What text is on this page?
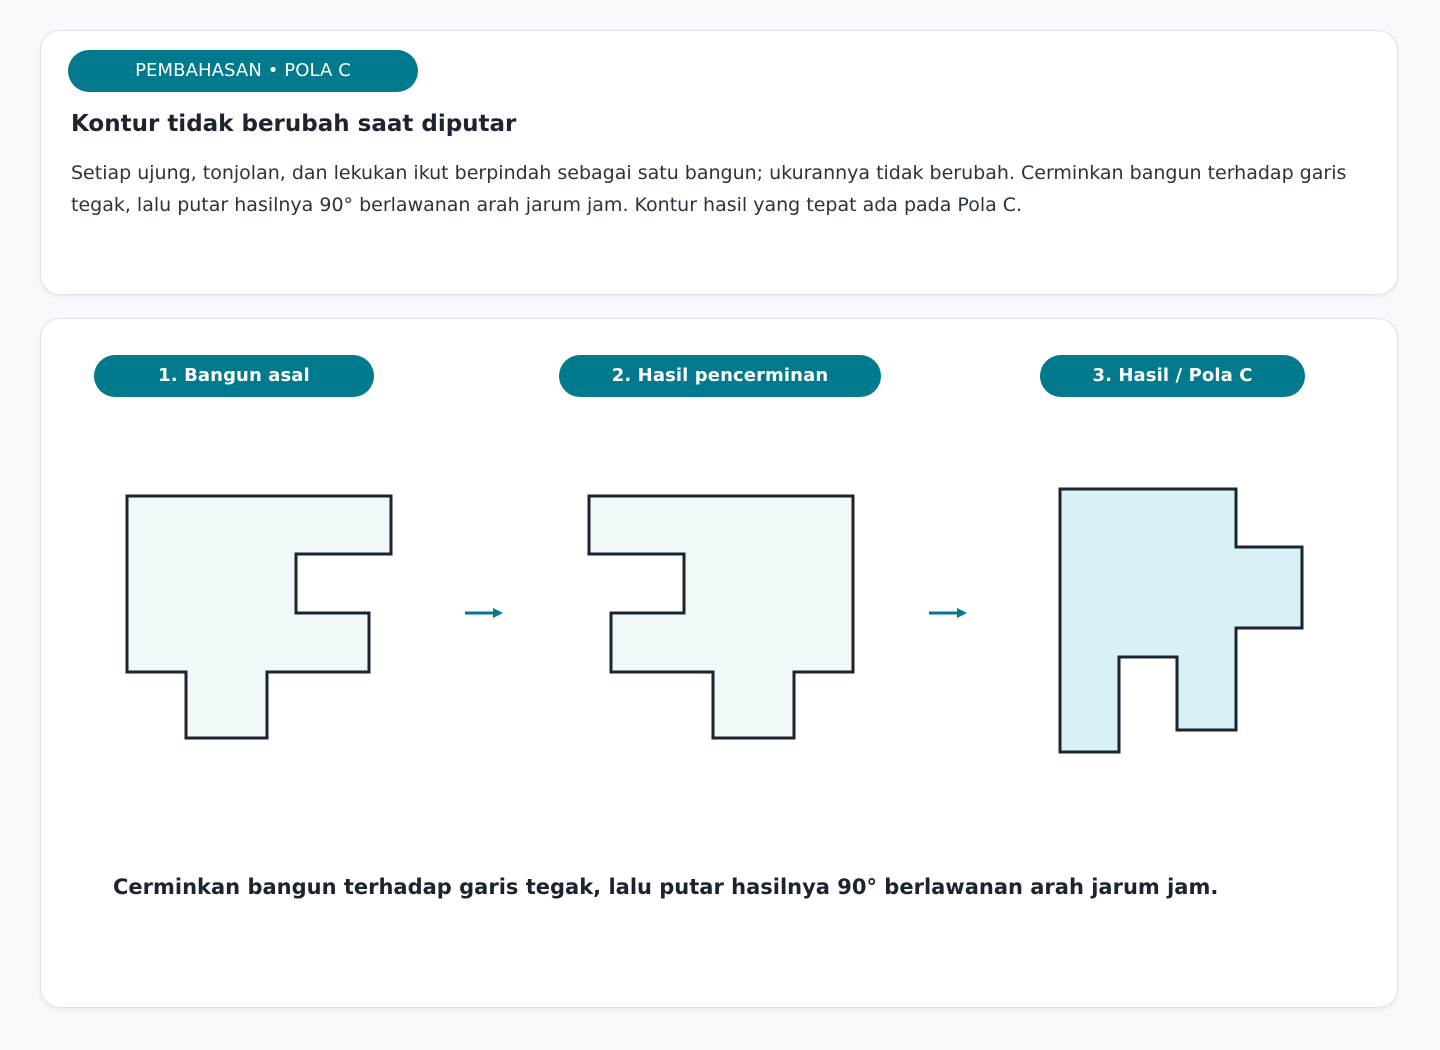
PEMBAHASAN • POLA C
Kontur tidak berubah saat diputar

Setiap ujung, tonjolan, dan lekukan ikut berpindah sebagai satu bangun; ukurannya tidak berubah. Cerminkan bangun terhadap garis tegak, lalu putar hasilnya 90° berlawanan arah jarum jam. Kontur hasil yang tepat ada pada Pola C.

1. Bangun asal	2. Hasil pencerminan	3. Hasil / Pola C

Cerminkan bangun terhadap garis tegak, lalu putar hasilnya 90° berlawanan arah jarum jam.
